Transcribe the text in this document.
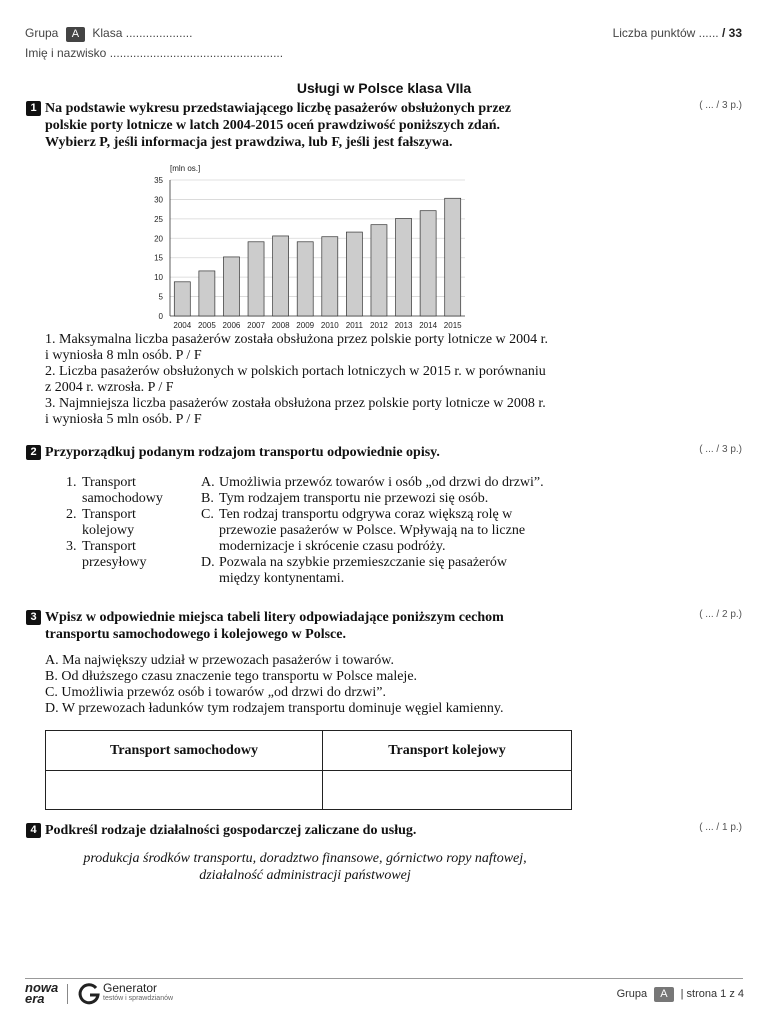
Grupa A Klasa ....................
Imię i nazwisko ....................................................
Liczba punktów ...... / 33
Usługi w Polsce klasa VIIa
1 Na podstawie wykresu przedstawiającego liczbę pasażerów obsłużonych przez
polskie porty lotnicze w latch 2004-2015 oceń prawdziwość poniższych zdań.
Wybierz P, jeśli informacja jest prawdziwa, lub F, jeśli jest fałszywa.
( ... / 3 p.)
[mln os.]
0
5
10
15
20
25
30
35
2004 2005 2006 2007 2008 2009 2010 2011 2012 2013 2014 2015
1. Maksymalna liczba pasażerów została obsłużona przez polskie porty lotnicze w 2004 r.
i wyniosła 8 mln osób. P / F
2. Liczba pasażerów obsłużonych w polskich portach lotniczych w 2015 r. w porównaniu
z 2004 r. wzrosła. P / F
3. Najmniejsza liczba pasażerów została obsłużona przez polskie porty lotnicze w 2008 r.
i wyniosła 5 mln osób. P / F
2 Przyporządkuj podanym rodzajom transportu odpowiednie opisy.	( ... / 3 p.)
1. Transport
samochodowy
2. Transport
kolejowy
3. Transport
przesyłowy
A. Umożliwia przewóz towarów i osób „od drzwi do drzwi”.
B. Tym rodzajem transportu nie przewozi się osób.
C. Ten rodzaj transportu odgrywa coraz większą rolę w
przewozie pasażerów w Polsce. Wpływają na to liczne
modernizacje i skrócenie czasu podróży.
D. Pozwala na szybkie przemieszczanie się pasażerów
między kontynentami.
3 Wpisz w odpowiednie miejsca tabeli litery odpowiadające poniższym cechom
transportu samochodowego i kolejowego w Polsce.
( ... / 2 p.)
A. Ma największy udział w przewozach pasażerów i towarów.
B. Od dłuższego czasu znaczenie tego transportu w Polsce maleje.
C. Umożliwia przewóz osób i towarów „od drzwi do drzwi”.
D. W przewozach ładunków tym rodzajem transportu dominuje węgiel kamienny.
Transport samochodowy	Transport kolejowy

4 Podkreśl rodzaje działalności gospodarczej zaliczane do usług.	( ... / 1 p.)
produkcja środków transportu, doradztwo finansowe, górnictwo ropy naftowej,
działalność administracji państwowej
nowa
era
Generator
testów i sprawdzianów	Grupa A | strona 1 z 4
